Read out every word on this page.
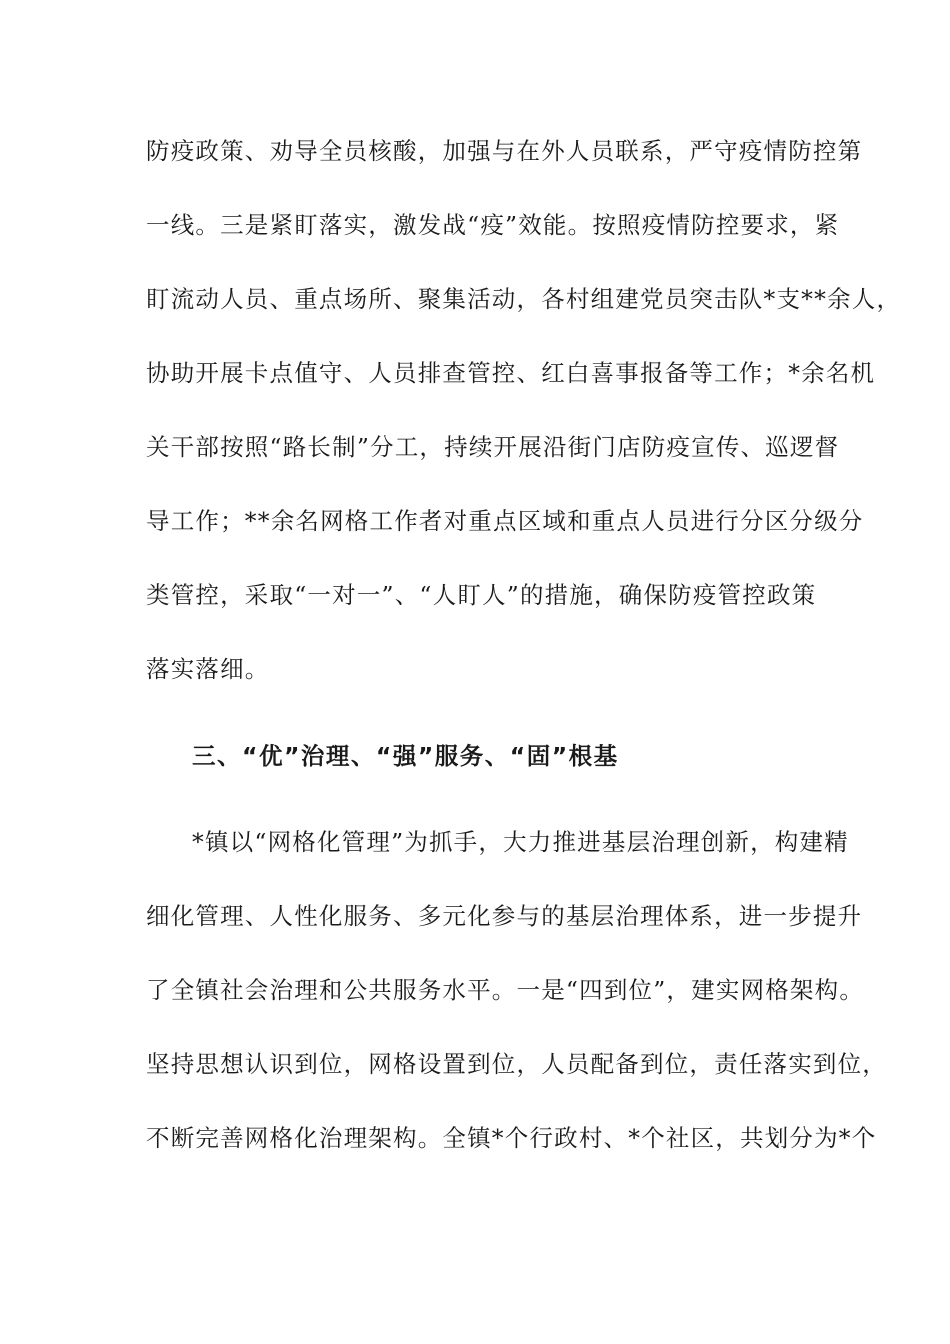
防疫政策、劝导全员核酸，加强与在外人员联系，严守疫情防控第
一线。三是紧盯落实，激发战“疫”效能。按照疫情防控要求，紧
盯流动人员、重点场所、聚集活动，各村组建党员突击队*支**余人，
协助开展卡点值守、人员排查管控、红白喜事报备等工作；*余名机
关干部按照“路长制”分工，持续开展沿街门店防疫宣传、巡逻督
导工作；**余名网格工作者对重点区域和重点人员进行分区分级分
类管控，采取“一对一”、“人盯人”的措施，确保防疫管控政策
落实落细。
三、“优”治理、“强”服务、“固”根基
*镇以“网格化管理”为抓手，大力推进基层治理创新，构建精
细化管理、人性化服务、多元化参与的基层治理体系，进一步提升
了全镇社会治理和公共服务水平。一是“四到位”，建实网格架构。
坚持思想认识到位，网格设置到位，人员配备到位，责任落实到位，
不断完善网格化治理架构。全镇*个行政村、*个社区，共划分为*个
